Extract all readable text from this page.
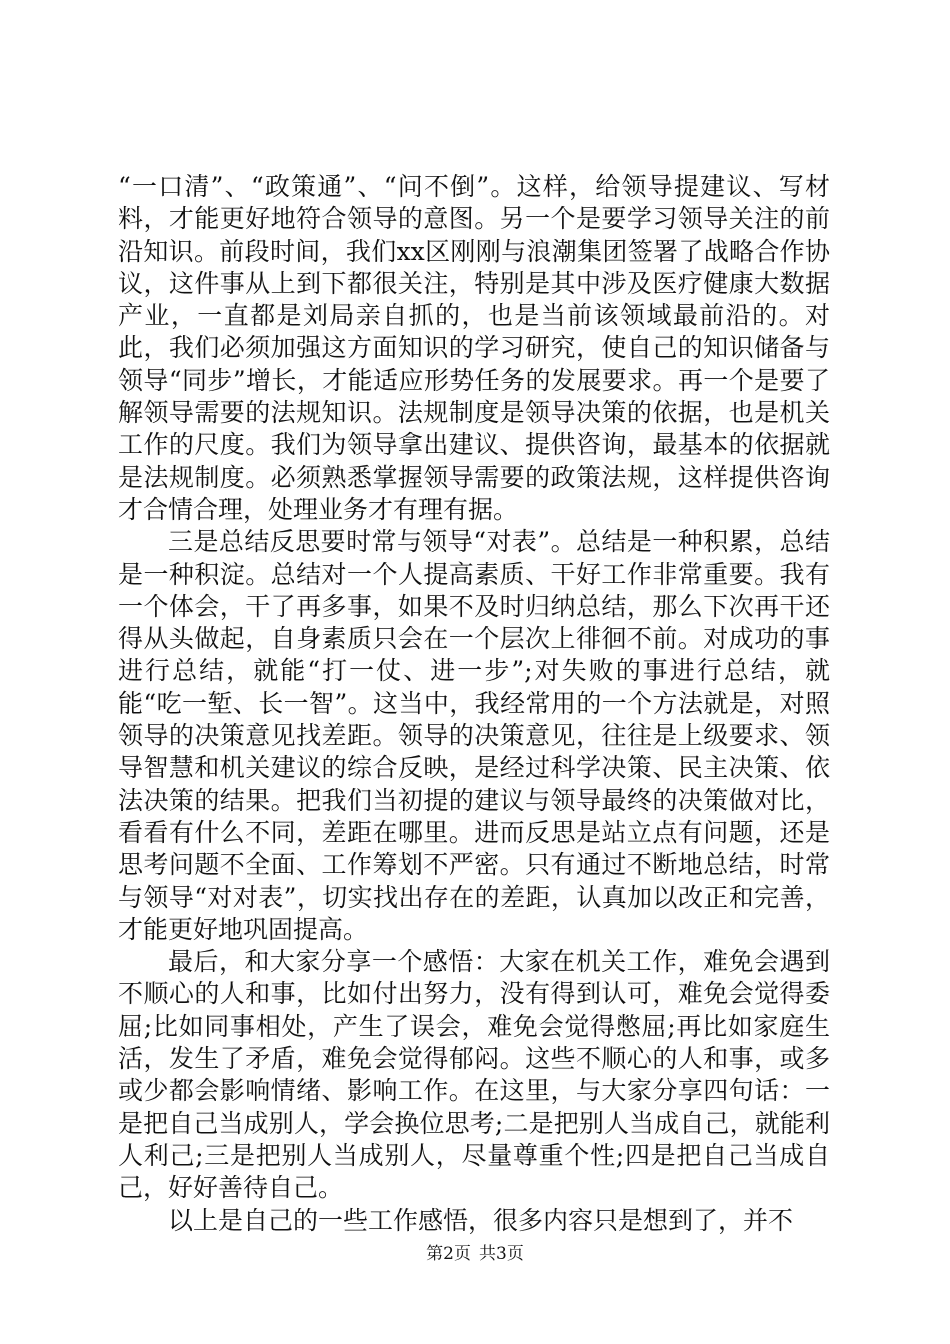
“一口清”、“政策通”、“问不倒”。这样，给领导提建议、写材料，才能更好地符合领导的意图。另一个是要学习领导关注的前沿知识。前段时间，我们xx区刚刚与浪潮集团签署了战略合作协议，这件事从上到下都很关注，特别是其中涉及医疗健康大数据产业，一直都是刘局亲自抓的，也是当前该领域最前沿的。对此，我们必须加强这方面知识的学习研究，使自己的知识储备与领导“同步”增长，才能适应形势任务的发展要求。再一个是要了解领导需要的法规知识。法规制度是领导决策的依据，也是机关工作的尺度。我们为领导拿出建议、提供咨询，最基本的依据就是法规制度。必须熟悉掌握领导需要的政策法规，这样提供咨询才合情合理，处理业务才有理有据。

三是总结反思要时常与领导“对表”。总结是一种积累，总结是一种积淀。总结对一个人提高素质、干好工作非常重要。我有一个体会，干了再多事，如果不及时归纳总结，那么下次再干还得从头做起，自身素质只会在一个层次上徘徊不前。对成功的事进行总结，就能“打一仗、进一步”;对失败的事进行总结，就能“吃一堑、长一智”。这当中，我经常用的一个方法就是，对照领导的决策意见找差距。领导的决策意见，往往是上级要求、领导智慧和机关建议的综合反映，是经过科学决策、民主决策、依法决策的结果。把我们当初提的建议与领导最终的决策做对比，看看有什么不同，差距在哪里。进而反思是站立点有问题，还是思考问题不全面、工作筹划不严密。只有通过不断地总结，时常与领导“对对表”，切实找出存在的差距，认真加以改正和完善，才能更好地巩固提高。

最后，和大家分享一个感悟：大家在机关工作，难免会遇到不顺心的人和事，比如付出努力，没有得到认可，难免会觉得委屈;比如同事相处，产生了误会，难免会觉得憋屈;再比如家庭生活，发生了矛盾，难免会觉得郁闷。这些不顺心的人和事，或多或少都会影响情绪、影响工作。在这里，与大家分享四句话：一是把自己当成别人，学会换位思考;二是把别人当成自己，就能利人利己;三是把别人当成别人，尽量尊重个性;四是把自己当成自己，好好善待自己。

以上是自己的一些工作感悟，很多内容只是想到了，并不

第2页 共3页
